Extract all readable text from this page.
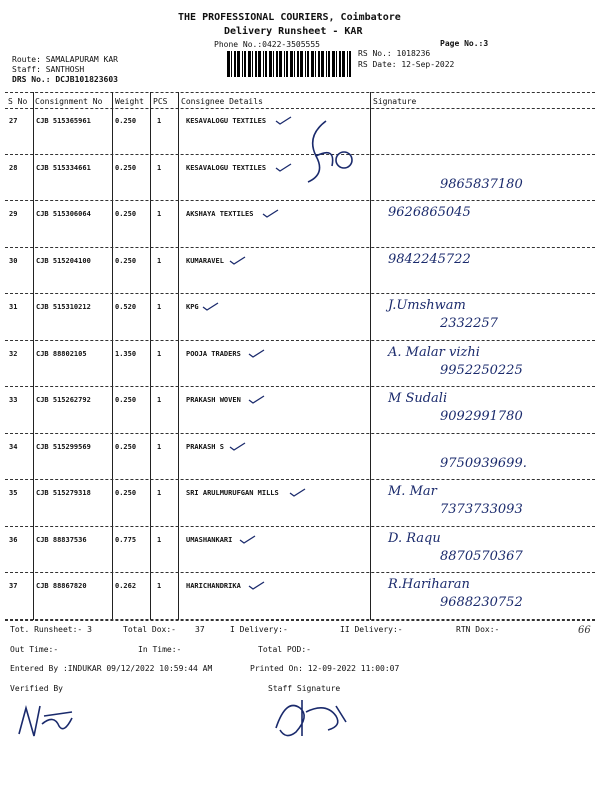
THE PROFESSIONAL COURIERS, Coimbatore
Delivery Runsheet - KAR
Phone No.:0422-3505555	Page No.:3
Route: SAMALAPURAM KAR
Staff: SANTHOSH
DRS No.: DCJB101823603
RS No.: 1018236
RS Date: 12-Sep-2022
S No Consignment No Weight PCS Consignee Details	Signature
27	CJB 515365961	0.250	1	KESAVALOGU TEXTILES
28	CJB 515334661	0.250	1	KESAVALOGU TEXTILES
9865837180
29	CJB 515306064	0.250	1	AKSHAYA TEXTILES	9626865045
30	CJB 515204100	0.250	1	KUMARAVEL	9842245722
31	CJB 515310212	0.520	1	KPG	J.Umshwam
2332257
32	CJB 88802105	1.350	1	POOJA TRADERS	A. Malar vizhi
9952250225
33	CJB 515262792	0.250	1	PRAKASH WOVEN	M Sudali
9092991780
34	CJB 515299569	0.250	1	PRAKASH S
9750939699.
35	CJB 515279318	0.250	1	SRI ARULMURUFGAN MILLS	M. Mar
7373733093
36	CJB 88837536	0.775	1	UMASHANKARI	D. Raqu
8870570367
37	CJB 88867820	0.262	1	HARICHANDRIKA	R.Hariharan
9688230752
Tot. Runsheet:- 3	Total Dox:- 37	I Delivery:-	II Delivery:-	RTN Dox:-	66
Out Time:-	In Time:-	Total POD:-
Entered By :INDUKAR 09/12/2022 10:59:44 AM	Printed On: 12-09-2022 11:00:07
Verified By	Staff Signature
